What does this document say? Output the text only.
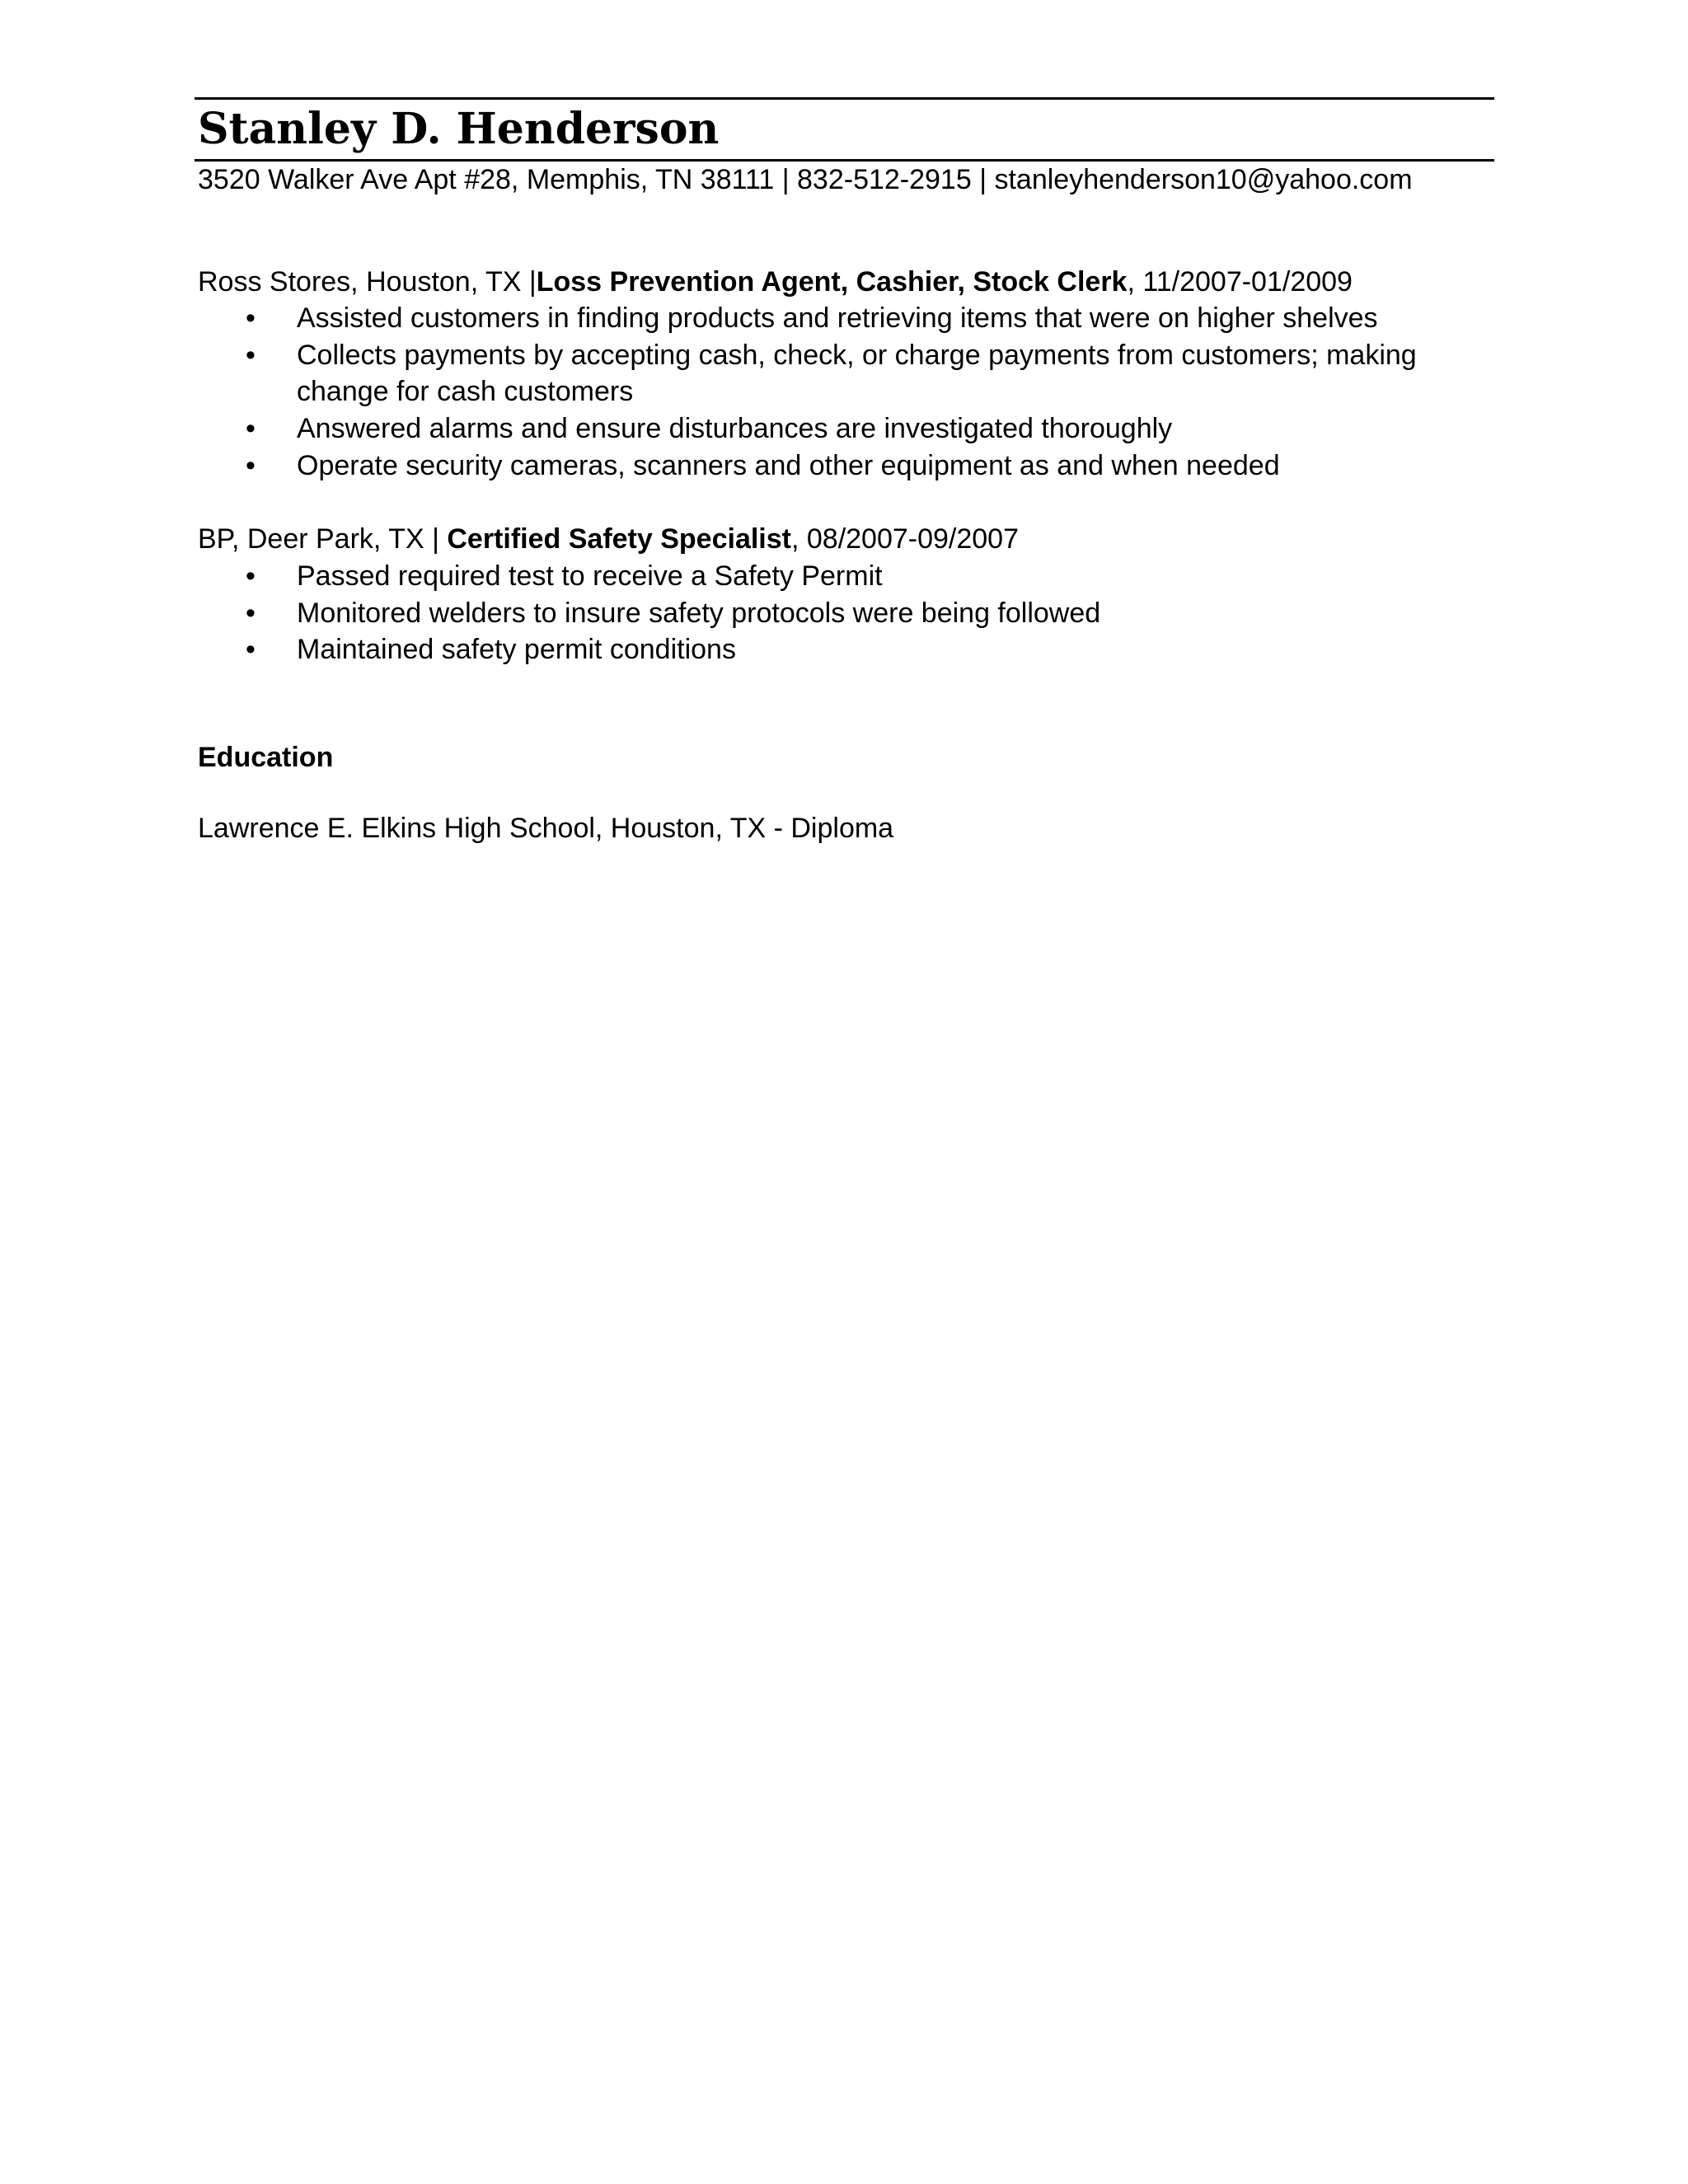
Stanley D. Henderson
3520 Walker Ave Apt #28, Memphis, TN 38111 | 832-512-2915 | stanleyhenderson10@yahoo.com
Ross Stores, Houston, TX |Loss Prevention Agent, Cashier, Stock Clerk, 11/2007-01/2009
• Assisted customers in finding products and retrieving items that were on higher shelves
• Collects payments by accepting cash, check, or charge payments from customers; making
change for cash customers
• Answered alarms and ensure disturbances are investigated thoroughly
• Operate security cameras, scanners and other equipment as and when needed
BP, Deer Park, TX | Certified Safety Specialist, 08/2007-09/2007
• Passed required test to receive a Safety Permit
• Monitored welders to insure safety protocols were being followed
• Maintained safety permit conditions
Education
Lawrence E. Elkins High School, Houston, TX - Diploma
